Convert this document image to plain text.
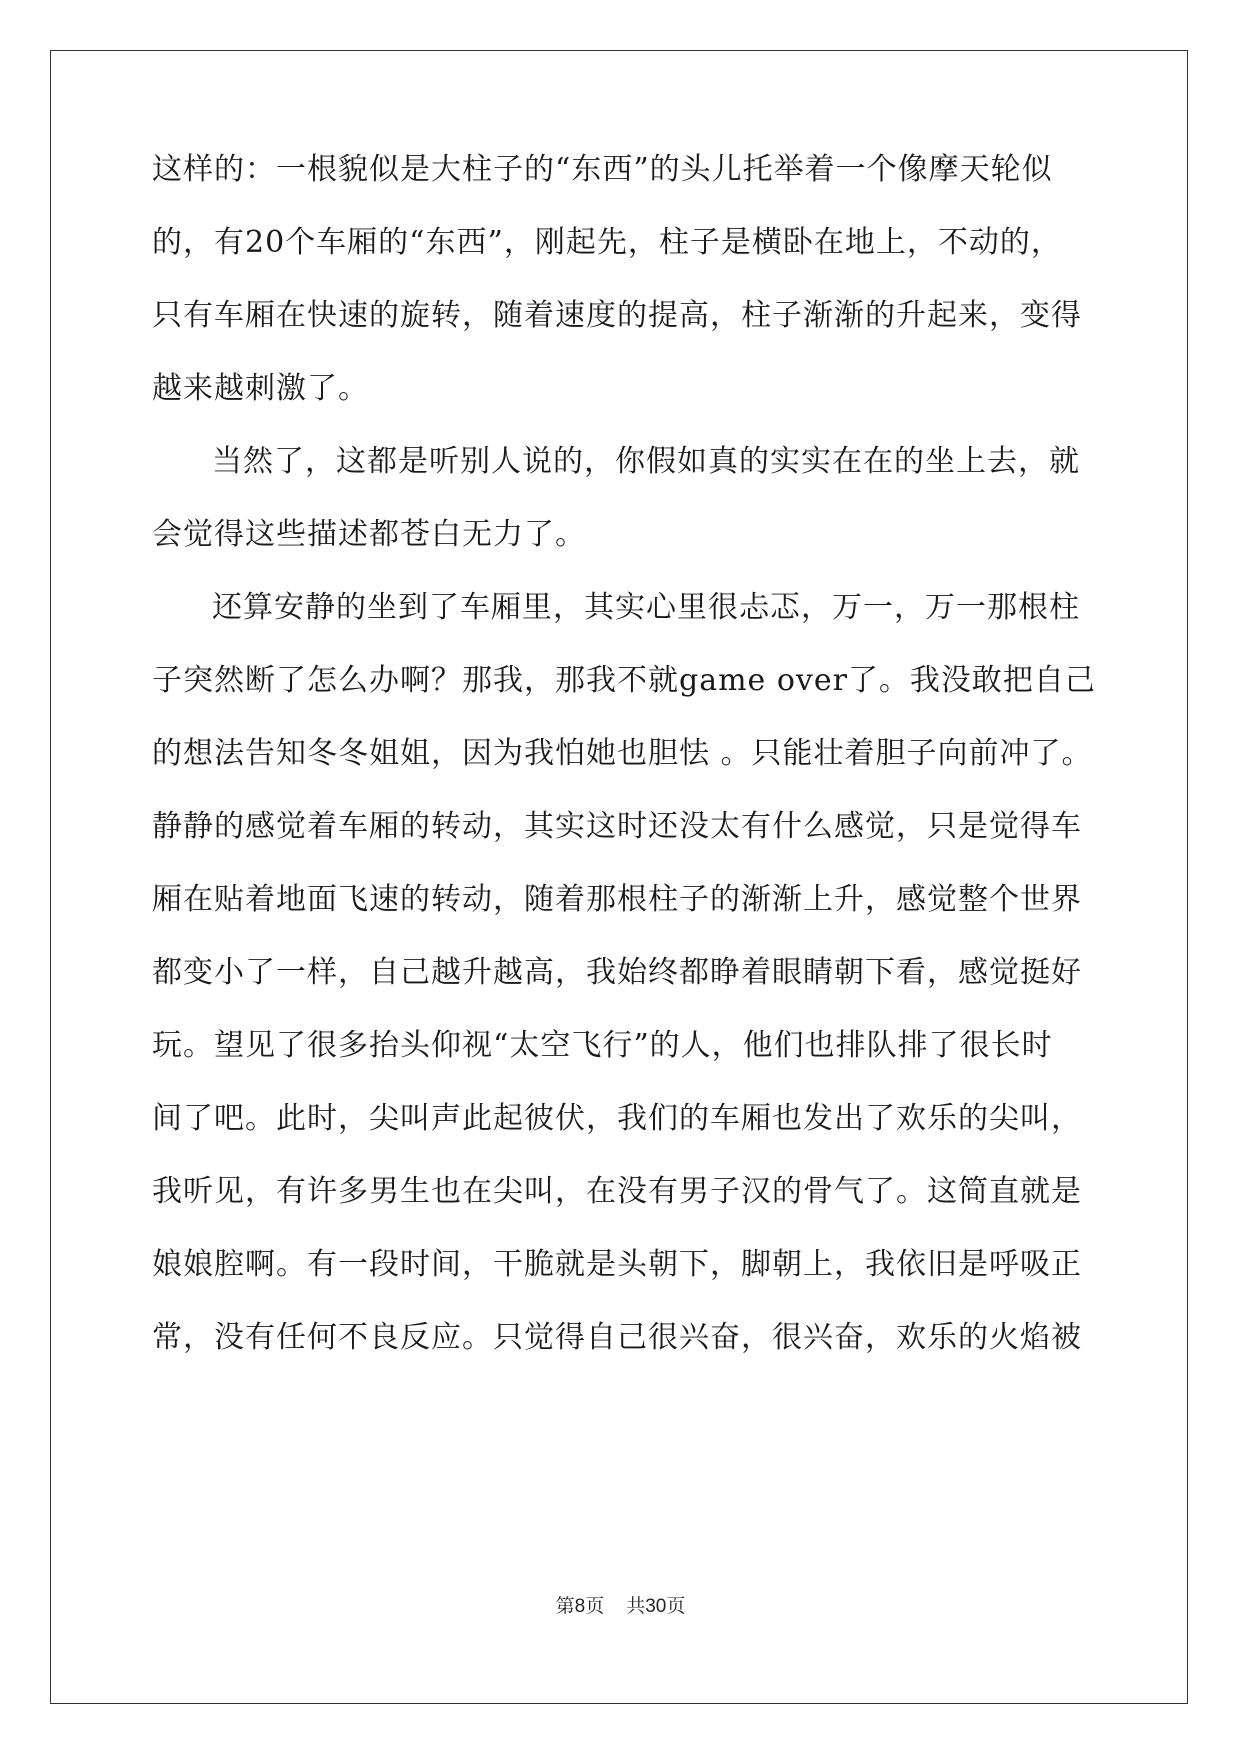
这样的：一根貌似是大柱子的“东西”的头儿托举着一个像摩天轮似
的，有20个车厢的“东西”，刚起先，柱子是横卧在地上，不动的，
只有车厢在快速的旋转，随着速度的提高，柱子渐渐的升起来，变得
越来越刺激了。
当然了，这都是听别人说的，你假如真的实实在在的坐上去，就
会觉得这些描述都苍白无力了。
还算安静的坐到了车厢里，其实心里很忐忑，万一，万一那根柱
子突然断了怎么办啊？那我，那我不就game over了。我没敢把自己
的想法告知冬冬姐姐，因为我怕她也胆怯 。只能壮着胆子向前冲了。
静静的感觉着车厢的转动，其实这时还没太有什么感觉，只是觉得车
厢在贴着地面飞速的转动，随着那根柱子的渐渐上升，感觉整个世界
都变小了一样，自己越升越高，我始终都睁着眼睛朝下看，感觉挺好
玩。望见了很多抬头仰视“太空飞行”的人，他们也排队排了很长时
间了吧。此时，尖叫声此起彼伏，我们的车厢也发出了欢乐的尖叫，
我听见，有许多男生也在尖叫，在没有男子汉的骨气了。这简直就是
娘娘腔啊。有一段时间，干脆就是头朝下，脚朝上，我依旧是呼吸正
常，没有任何不良反应。只觉得自己很兴奋，很兴奋，欢乐的火焰被
第8页 共30页
